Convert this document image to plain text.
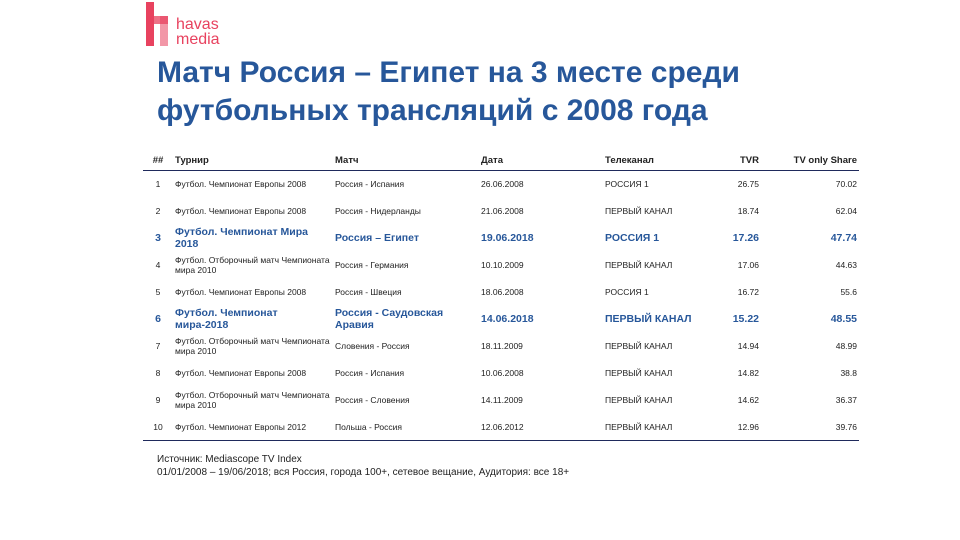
havas
media
Матч Россия – Египет на 3 месте среди
футбольных трансляций с 2008 года
##	Турнир	Матч	Дата	Телеканал	TVR	TV only Share
1	Футбол. Чемпионат Европы 2008	Россия - Испания	26.06.2008	РОССИЯ 1	26.75	70.02
2	Футбол. Чемпионат Европы 2008	Россия - Нидерланды	21.06.2008	ПЕРВЫЙ КАНАЛ	18.74	62.04
3	Футбол. Чемпионат Мира 2018	Россия – Египет	19.06.2018	РОССИЯ 1	17.26	47.74
4	Футбол. Отборочный матч Чемпионата мира 2010	Россия - Германия	10.10.2009	ПЕРВЫЙ КАНАЛ	17.06	44.63
5	Футбол. Чемпионат Европы 2008	Россия - Швеция	18.06.2008	РОССИЯ 1	16.72	55.6
6	Футбол. Чемпионат мира-2018	Россия - Саудовская Аравия	14.06.2018	ПЕРВЫЙ КАНАЛ	15.22	48.55
7	Футбол. Отборочный матч Чемпионата мира 2010	Словения - Россия	18.11.2009	ПЕРВЫЙ КАНАЛ	14.94	48.99
8	Футбол. Чемпионат Европы 2008	Россия - Испания	10.06.2008	ПЕРВЫЙ КАНАЛ	14.82	38.8
9	Футбол. Отборочный матч Чемпионата мира 2010	Россия - Словения	14.11.2009	ПЕРВЫЙ КАНАЛ	14.62	36.37
10	Футбол. Чемпионат Европы 2012	Польша - Россия	12.06.2012	ПЕРВЫЙ КАНАЛ	12.96	39.76
Источник: Mediascope TV Index
01/01/2008 – 19/06/2018; вся Россия, города 100+, сетевое вещание, Аудитория: все 18+
